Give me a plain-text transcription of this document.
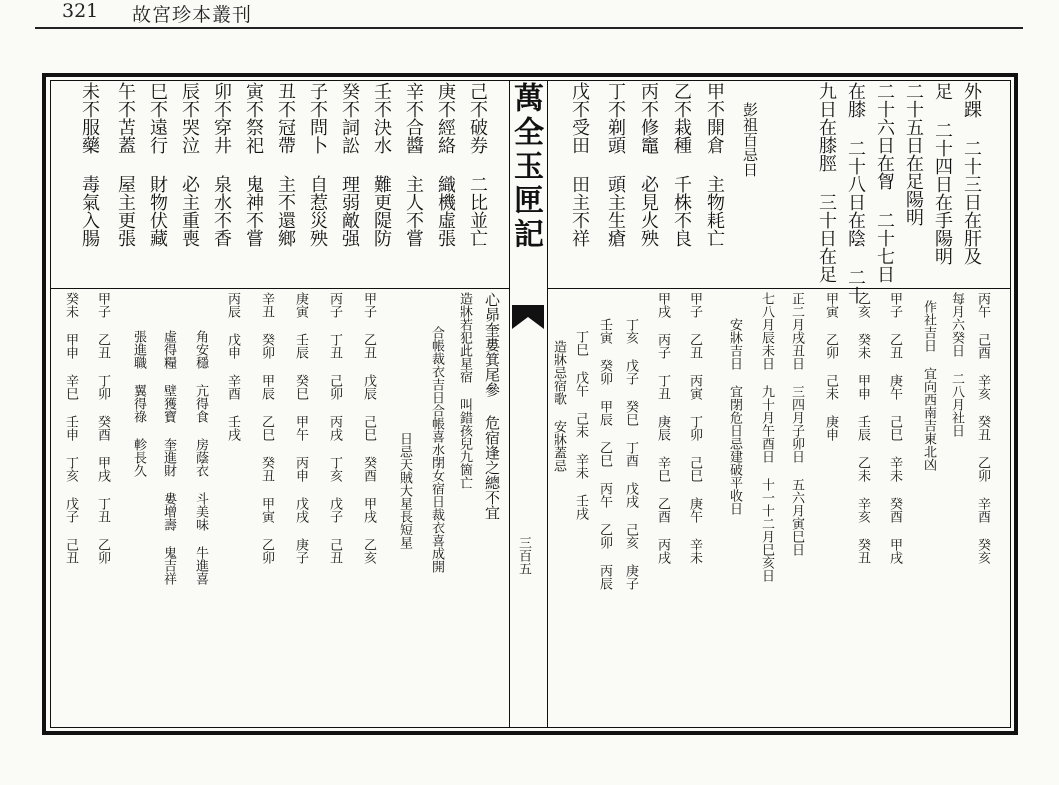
321 故宮珍本叢刊
萬全玉匣記
三百五
外踝 二十三日在肝及
足 二十四日在手陽明
二十五日在足陽明
二十六日在胷 二十七日
在膝 二十八日在陰 二十
九日在膝脛 三十日在足
彭祖百忌日
甲不開倉 主物耗亡
乙不栽種 千株不良
丙不修竈 必見火殃
丁不剃頭 頭主生瘡
戊不受田 田主不祥
己不破券 二比並亡
庚不經絡 織機虛張
辛不合醬 主人不嘗
壬不決水 難更隄防
癸不詞訟 理弱敵强
子不問卜 自惹災殃
丑不冠帶 主不還鄉
寅不祭祀 鬼神不嘗
卯不穿井 泉水不香
辰不哭泣 必主重喪
巳不遠行 財物伏藏
午不苫蓋 屋主更張
未不服藥 毒氣入腸
丙午 己酉 辛亥 癸丑 乙卯 辛酉 癸亥
每月六癸日 二八月社日
作社吉日 宜向西南吉東北凶
甲子 乙丑 庚午 己巳 辛未 癸酉 甲戌
乙亥 癸未 甲申 壬辰 乙未 辛亥 癸丑
甲寅 乙卯 己未 庚申
正二月戌丑日 三四月子卯日 五六月寅巳日
七八月辰未日 九十月午酉日 十一十二月巳亥日
安牀吉日 宜閉危日忌建破平收日
甲子 乙丑 丙寅 丁卯 己巳 庚午 辛未
甲戌 丙子 丁丑 庚辰 辛巳 乙酉 丙戌
丁亥 戊子 癸巳 丁酉 戊戌 己亥 庚子
壬寅 癸卯 甲辰 乙巳 丙午 乙卯 丙辰
丁巳 戊午 己未 辛未 壬戌
造牀忌宿歌 安牀蓋忌
心昴奎婁箕尾參 危宿逢之總不宜
造牀若犯此星宿 叫錯孩兒九箇亡
合帳裁衣吉日合帳喜水閉女宿日裁衣喜成開
日忌天賊大星長短星
甲子 乙丑 戊辰 己巳 癸酉 甲戌 乙亥
丙子 丁丑 己卯 丙戌 丁亥 戊子 己丑
庚寅 壬辰 癸巳 甲午 丙申 戊戌 庚子
辛丑 癸卯 甲辰 乙巳 癸丑 甲寅 乙卯
丙辰 戊申 辛酉 壬戌
角安穩 亢得食 房蔭衣 斗美味 牛進喜
虛得糧 壁獲寶 奎進財 婁增壽 鬼吉祥
張進職 翼得祿 軫長久
甲子 乙丑 丁卯 癸酉 甲戌 丁丑 乙卯
癸未 甲申 辛巳 壬申 丁亥 戊子 己丑
